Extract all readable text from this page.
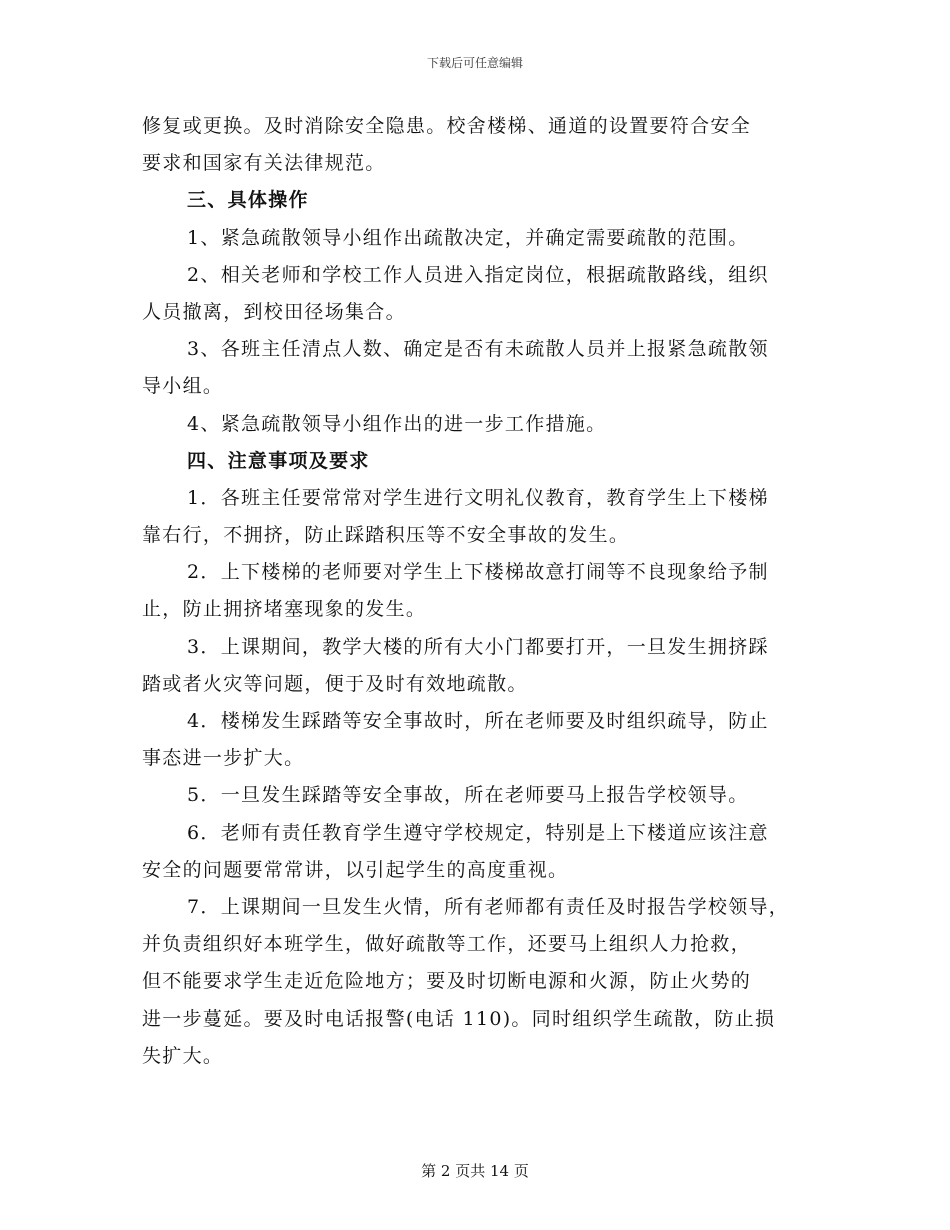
下载后可任意编辑
修复或更换。及时消除安全隐患。校舍楼梯、通道的设置要符合安全
要求和国家有关法律规范。
三、具体操作
1、紧急疏散领导小组作出疏散决定，并确定需要疏散的范围。
2、相关老师和学校工作人员进入指定岗位，根据疏散路线，组织
人员撤离，到校田径场集合。
3、各班主任清点人数、确定是否有未疏散人员并上报紧急疏散领
导小组。
4、紧急疏散领导小组作出的进一步工作措施。
四、注意事项及要求
1．各班主任要常常对学生进行文明礼仪教育，教育学生上下楼梯
靠右行，不拥挤，防止踩踏积压等不安全事故的发生。
2．上下楼梯的老师要对学生上下楼梯故意打闹等不良现象给予制
止，防止拥挤堵塞现象的发生。
3．上课期间，教学大楼的所有大小门都要打开，一旦发生拥挤踩
踏或者火灾等问题，便于及时有效地疏散。
4．楼梯发生踩踏等安全事故时，所在老师要及时组织疏导，防止
事态进一步扩大。
5．一旦发生踩踏等安全事故，所在老师要马上报告学校领导。
6．老师有责任教育学生遵守学校规定，特别是上下楼道应该注意
安全的问题要常常讲，以引起学生的高度重视。
7．上课期间一旦发生火情，所有老师都有责任及时报告学校领导，
并负责组织好本班学生，做好疏散等工作，还要马上组织人力抢救，
但不能要求学生走近危险地方；要及时切断电源和火源，防止火势的
进一步蔓延。要及时电话报警(电话 110)。同时组织学生疏散，防止损
失扩大。
第 2 页共 14 页
